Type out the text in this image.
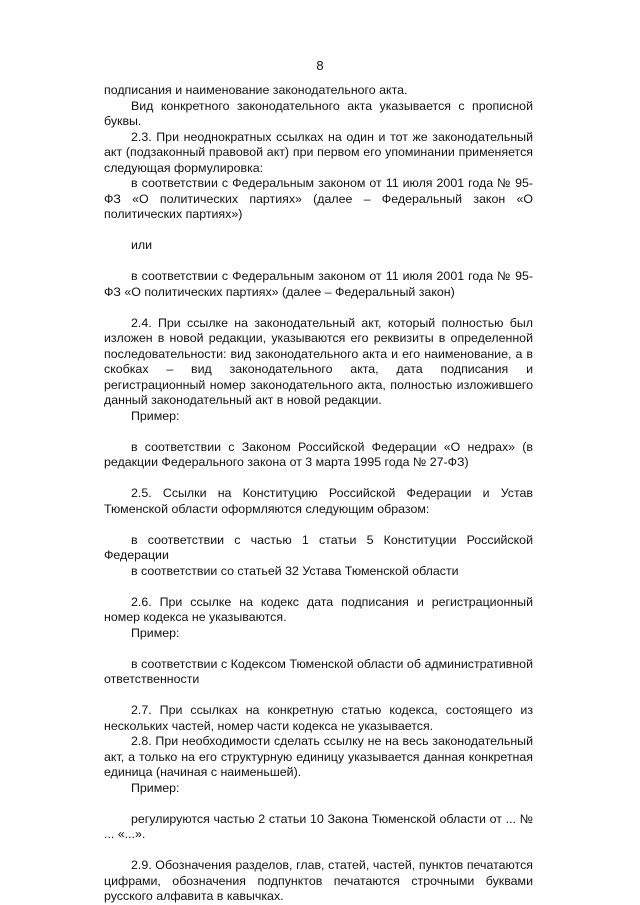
8

подписания и наименование законодательного акта.

Вид конкретного законодательного акта указывается с прописной буквы.

2.3. При неоднократных ссылках на один и тот же законодательный акт (подзаконный правовой акт) при первом его упоминании применяется следующая формулировка:

в соответствии с Федеральным законом от 11 июля 2001 года № 95-ФЗ «О политических партиях» (далее – Федеральный закон «О политических партиях»)

или

в соответствии с Федеральным законом от 11 июля 2001 года № 95-ФЗ «О политических партиях» (далее – Федеральный закон)

2.4. При ссылке на законодательный акт, который полностью был изложен в новой редакции, указываются его реквизиты в определенной последовательности: вид законодательного акта и его наименование, а в скобках – вид законодательного акта, дата подписания и регистрационный номер законодательного акта, полностью изложившего данный законодательный акт в новой редакции.

Пример:

в соответствии с Законом Российской Федерации «О недрах» (в редакции Федерального закона от 3 марта 1995 года № 27-ФЗ)

2.5. Ссылки на Конституцию Российской Федерации и Устав Тюменской области оформляются следующим образом:

в соответствии с частью 1 статьи 5 Конституции Российской Федерации

в соответствии со статьей 32 Устава Тюменской области

2.6. При ссылке на кодекс дата подписания и регистрационный номер кодекса не указываются.

Пример:

в соответствии с Кодексом Тюменской области об административной ответственности

2.7. При ссылках на конкретную статью кодекса, состоящего из нескольких частей, номер части кодекса не указывается.

2.8. При необходимости сделать ссылку не на весь законодательный акт, а только на его структурную единицу указывается данная конкретная единица (начиная с наименьшей).

Пример:

регулируются частью 2 статьи 10 Закона Тюменской области от ... № ... «...».

2.9. Обозначения разделов, глав, статей, частей, пунктов печатаются цифрами, обозначения подпунктов печатаются строчными буквами русского алфавита в кавычках.
